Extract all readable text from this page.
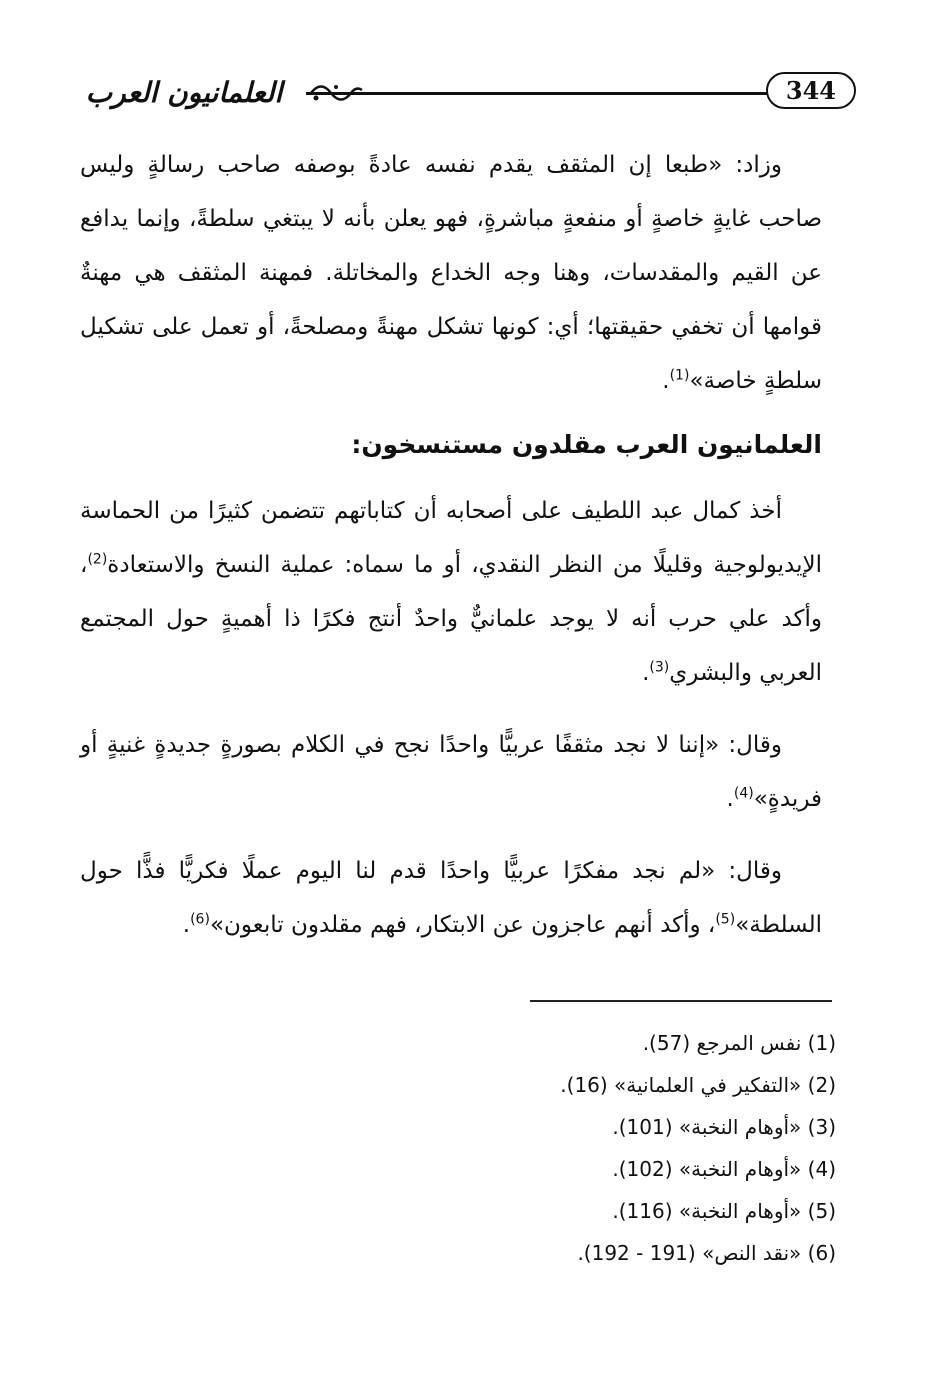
العلمانيون العرب	344
وزاد: «طبعا إن المثقف يقدم نفسه عادةً بوصفه صاحب رسالةٍ وليس صاحب غايةٍ خاصةٍ أو منفعةٍ مباشرةٍ، فهو يعلن بأنه لا يبتغي سلطةً، وإنما يدافع عن القيم والمقدسات، وهنا وجه الخداع والمخاتلة. فمهنة المثقف هي مهنةٌ قوامها أن تخفي حقيقتها؛ أي: كونها تشكل مهنةً ومصلحةً، أو تعمل على تشكيل سلطةٍ خاصة»$^{(1)}$.
العلمانيون العرب مقلدون مستنسخون:
أخذ كمال عبد اللطيف على أصحابه أن كتاباتهم تتضمن كثيرًا من الحماسة الإيديولوجية وقليلًا من النظر النقدي، أو ما سماه: عملية النسخ والاستعادة$^{(2)}$، وأكد علي حرب أنه لا يوجد علمانيٌّ واحدٌ أنتج فكرًا ذا أهميةٍ حول المجتمع العربي والبشري$^{(3)}$.
وقال: «إننا لا نجد مثقفًا عربيًّا واحدًا نجح في الكلام بصورةٍ جديدةٍ غنيةٍ أو فريدةٍ»$^{(4)}$.
وقال: «لم نجد مفكرًا عربيًّا واحدًا قدم لنا اليوم عملًا فكريًّا فذًّا حول السلطة»$^{(5)}$، وأكد أنهم عاجزون عن الابتكار، فهم مقلدون تابعون»$^{(6)}$.
(1) نفس المرجع (57).
(2) «التفكير في العلمانية» (16).
(3) «أوهام النخبة» (101).
(4) «أوهام النخبة» (102).
(5) «أوهام النخبة» (116).
(6) «نقد النص» (191 - 192).
